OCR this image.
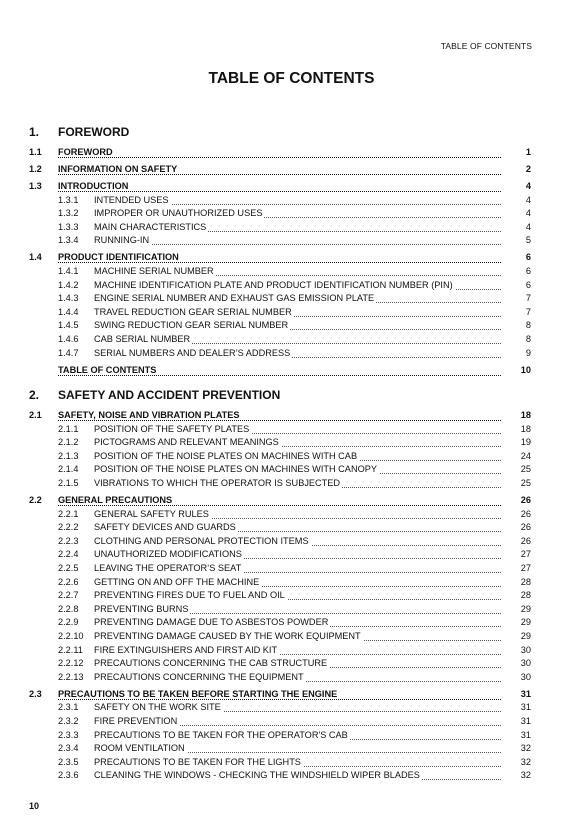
TABLE OF CONTENTS
TABLE OF CONTENTS
1. FOREWORD
1.1 FOREWORD	1
1.2 INFORMATION ON SAFETY	2
1.3 INTRODUCTION	4
1.3.1 INTENDED USES	4
1.3.2 IMPROPER OR UNAUTHORIZED USES	4
1.3.3 MAIN CHARACTERISTICS	4
1.3.4 RUNNING-IN	5
1.4 PRODUCT IDENTIFICATION	6
1.4.1 MACHINE SERIAL NUMBER	6
1.4.2 MACHINE IDENTIFICATION PLATE AND PRODUCT IDENTIFICATION NUMBER (PIN)	6
1.4.3 ENGINE SERIAL NUMBER AND EXHAUST GAS EMISSION PLATE	7
1.4.4 TRAVEL REDUCTION GEAR SERIAL NUMBER	7
1.4.5 SWING REDUCTION GEAR SERIAL NUMBER	8
1.4.6 CAB SERIAL NUMBER	8
1.4.7 SERIAL NUMBERS AND DEALER’S ADDRESS	9
TABLE OF CONTENTS	10
2. SAFETY AND ACCIDENT PREVENTION
2.1 SAFETY, NOISE AND VIBRATION PLATES	18
2.1.1 POSITION OF THE SAFETY PLATES	18
2.1.2 PICTOGRAMS AND RELEVANT MEANINGS	19
2.1.3 POSITION OF THE NOISE PLATES ON MACHINES WITH CAB	24
2.1.4 POSITION OF THE NOISE PLATES ON MACHINES WITH CANOPY	25
2.1.5 VIBRATIONS TO WHICH THE OPERATOR IS SUBJECTED	25
2.2 GENERAL PRECAUTIONS	26
2.2.1 GENERAL SAFETY RULES	26
2.2.2 SAFETY DEVICES AND GUARDS	26
2.2.3 CLOTHING AND PERSONAL PROTECTION ITEMS	26
2.2.4 UNAUTHORIZED MODIFICATIONS	27
2.2.5 LEAVING THE OPERATOR’S SEAT	27
2.2.6 GETTING ON AND OFF THE MACHINE	28
2.2.7 PREVENTING FIRES DUE TO FUEL AND OIL	28
2.2.8 PREVENTING BURNS	29
2.2.9 PREVENTING DAMAGE DUE TO ASBESTOS POWDER	29
2.2.10 PREVENTING DAMAGE CAUSED BY THE WORK EQUIPMENT	29
2.2.11 FIRE EXTINGUISHERS AND FIRST AID KIT	30
2.2.12 PRECAUTIONS CONCERNING THE CAB STRUCTURE	30
2.2.13 PRECAUTIONS CONCERNING THE EQUIPMENT	30
2.3 PRECAUTIONS TO BE TAKEN BEFORE STARTING THE ENGINE	31
2.3.1 SAFETY ON THE WORK SITE	31
2.3.2 FIRE PREVENTION	31
2.3.3 PRECAUTIONS TO BE TAKEN FOR THE OPERATOR'S CAB	31
2.3.4 ROOM VENTILATION	32
2.3.5 PRECAUTIONS TO BE TAKEN FOR THE LIGHTS	32
2.3.6 CLEANING THE WINDOWS - CHECKING THE WINDSHIELD WIPER BLADES	32
10
